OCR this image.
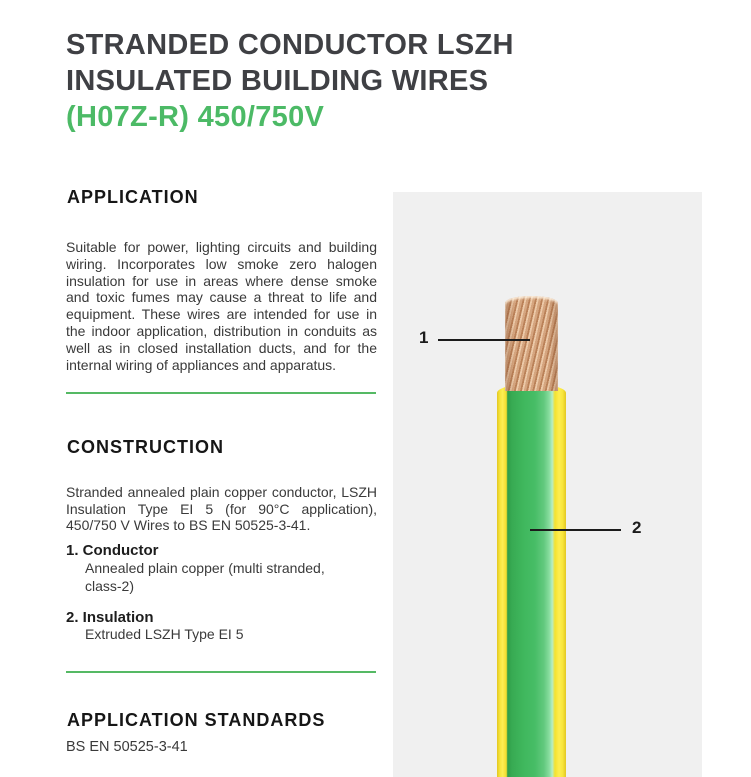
STRANDED CONDUCTOR LSZH
INSULATED BUILDING WIRES
(H07Z-R) 450/750V
APPLICATION

Suitable for power, lighting circuits and building wiring. Incorporates low smoke zero halogen insulation for use in areas where dense smoke and toxic fumes may cause a threat to life and equipment. These wires are intended for use in the indoor application, distribution in conduits as well as in closed installation ducts, and for the internal wiring of appliances and apparatus.

CONSTRUCTION

Stranded annealed plain copper conductor, LSZH Insulation Type EI 5 (for 90°C application), 450/750 V Wires to BS EN 50525-3-41.

1. Conductor
Annealed plain copper (multi stranded, class-2)
2. Insulation
Extruded LSZH Type EI 5
APPLICATION STANDARDS
BS EN 50525-3-41
1
2
